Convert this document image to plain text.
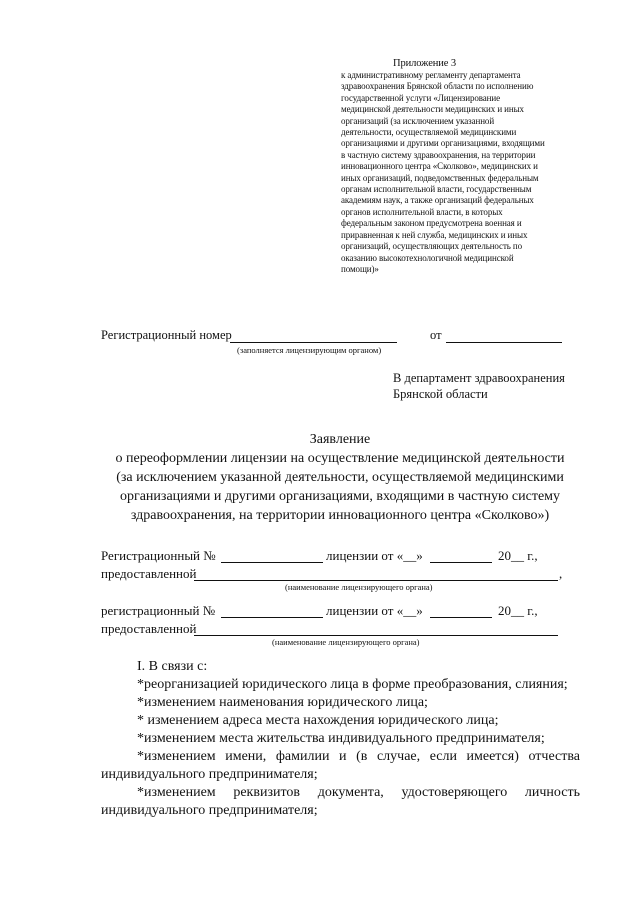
Приложение 3
к административному регламенту департамента
здравоохранения Брянской области по исполнению
государственной услуги «Лицензирование
медицинской деятельности медицинских и иных
организаций (за исключением указанной
деятельности, осуществляемой медицинскими
организациями и другими организациями, входящими
в частную систему здравоохранения, на территории
инновационного центра «Сколково», медицинских и
иных организаций, подведомственных федеральным
органам исполнительной власти, государственным
академиям наук, а также организаций федеральных
органов исполнительной власти, в которых
федеральным законом предусмотрена военная и
приравненная к ней служба, медицинских и иных
организаций, осуществляющих деятельность по
оказанию высокотехнологичной медицинской
помощи)»
Регистрационный номер	от
(заполняется лицензирующим органом)
В департамент здравоохранения
Брянской области
Заявление
о переоформлении лицензии на осуществление медицинской деятельности
(за исключением указанной деятельности, осуществляемой медицинскими
организациями и другими организациями, входящими в частную систему
здравоохранения, на территории инновационного центра «Сколково»)
Регистрационный №	лицензии от «__»	20__ г.,
предоставленной	,
(наименование лицензирующего органа)
регистрационный №	лицензии от «__»	20__ г.,
предоставленной
(наименование лицензирующего органа)
I. В связи с:
*реорганизацией юридического лица в форме преобразования, слияния;
*изменением наименования юридического лица;
* изменением адреса места нахождения юридического лица;
*изменением места жительства индивидуального предпринимателя;
*изменением имени, фамилии и (в случае, если имеется) отчества
индивидуального предпринимателя;
*изменением реквизитов документа, удостоверяющего личность
индивидуального предпринимателя;
